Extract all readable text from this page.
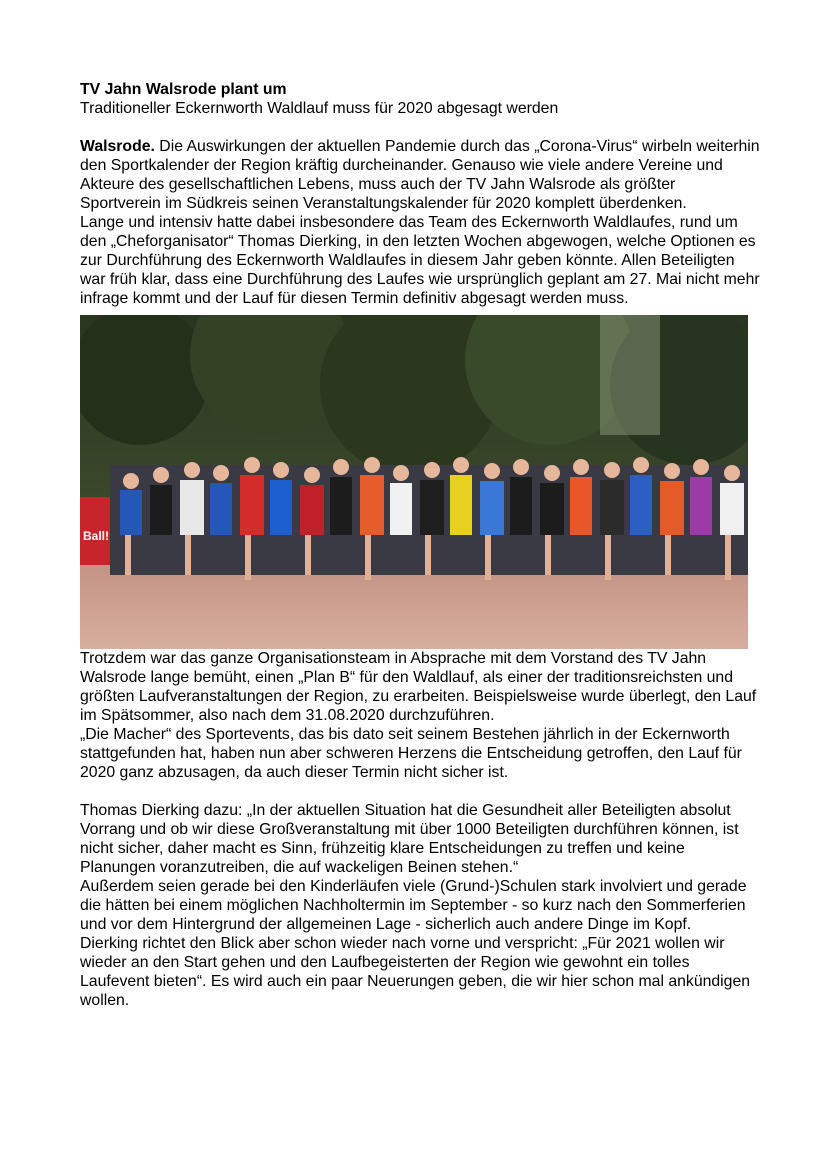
TV Jahn Walsrode plant um

Traditioneller Eckernworth Waldlauf muss für 2020 abgesagt werden

Walsrode. Die Auswirkungen der aktuellen Pandemie durch das „Corona-Virus“ wirbeln weiterhin den Sportkalender der Region kräftig durcheinander. Genauso wie viele andere Vereine und Akteure des gesellschaftlichen Lebens, muss auch der TV Jahn Walsrode als größter Sportverein im Südkreis seinen Veranstaltungskalender für 2020 komplett überdenken.

Lange und intensiv hatte dabei insbesondere das Team des Eckernworth Waldlaufes, rund um den „Cheforganisator“ Thomas Dierking, in den letzten Wochen abgewogen, welche Optionen es zur Durchführung des Eckernworth Waldlaufes in diesem Jahr geben könnte. Allen Beteiligten war früh klar, dass eine Durchführung des Laufes wie ursprünglich geplant am 27. Mai nicht mehr infrage kommt und der Lauf für diesen Termin definitiv abgesagt werden muss.

Ball!

Trotzdem war das ganze Organisationsteam in Absprache mit dem Vorstand des TV Jahn Walsrode lange bemüht, einen „Plan B“ für den Waldlauf, als einer der traditionsreichsten und größten Laufveranstaltungen der Region, zu erarbeiten. Beispielsweise wurde überlegt, den Lauf im Spätsommer, also nach dem 31.08.2020 durchzuführen.

„Die Macher“ des Sportevents, das bis dato seit seinem Bestehen jährlich in der Eckernworth stattgefunden hat, haben nun aber schweren Herzens die Entscheidung getroffen, den Lauf für 2020 ganz abzusagen, da auch dieser Termin nicht sicher ist.

Thomas Dierking dazu: „In der aktuellen Situation hat die Gesundheit aller Beteiligten absolut Vorrang und ob wir diese Großveranstaltung mit über 1000 Beteiligten durchführen können, ist nicht sicher, daher macht es Sinn, frühzeitig klare Entscheidungen zu treffen und keine Planungen voranzutreiben, die auf wackeligen Beinen stehen.“

Außerdem seien gerade bei den Kinderläufen viele (Grund-)Schulen stark involviert und gerade die hätten bei einem möglichen Nachholtermin im September - so kurz nach den Sommerferien und vor dem Hintergrund der allgemeinen Lage - sicherlich auch andere Dinge im Kopf.

Dierking richtet den Blick aber schon wieder nach vorne und verspricht: „Für 2021 wollen wir wieder an den Start gehen und den Laufbegeisterten der Region wie gewohnt ein tolles Laufevent bieten“. Es wird auch ein paar Neuerungen geben, die wir hier schon mal ankündigen wollen.
